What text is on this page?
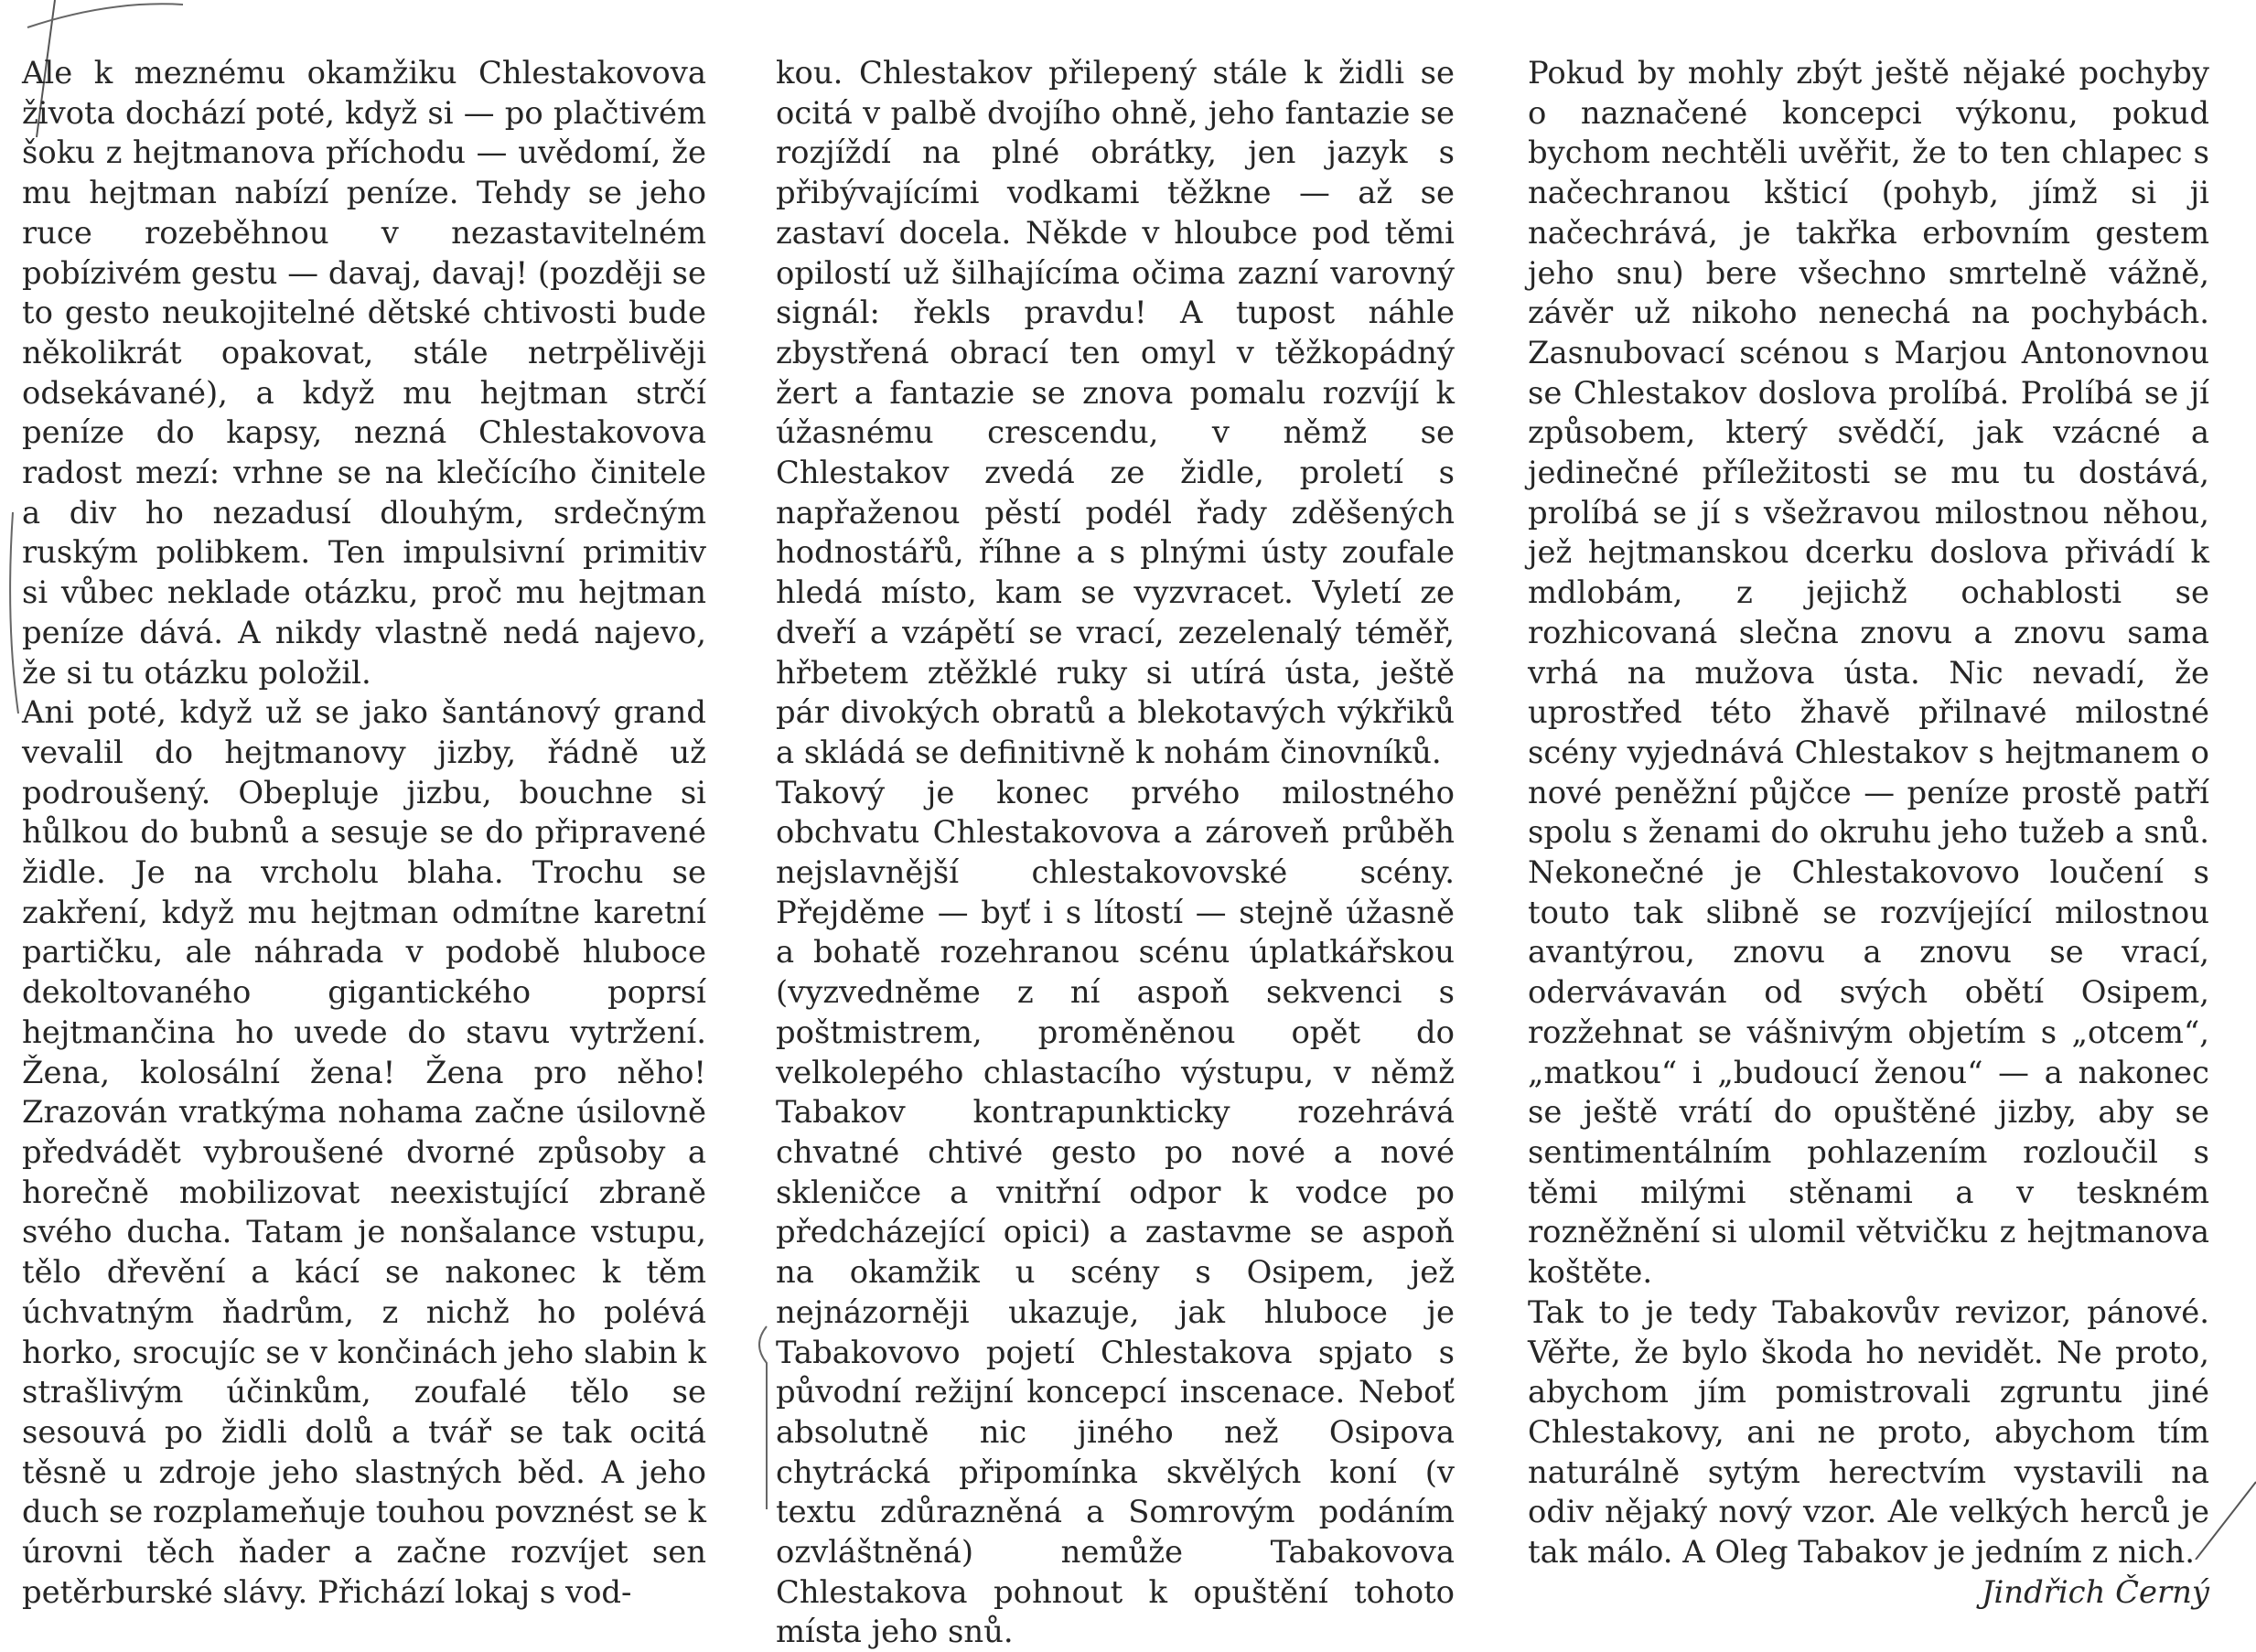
Ale k meznému okamžiku Chlestakovova života dochází poté, když si — po plačtivém šoku z hejtmanova příchodu — uvědomí, že mu hejtman nabízí peníze. Tehdy se jeho ruce rozeběhnou v nezastavitelném pobízivém gestu — davaj, davaj! (později se to gesto neukojitelné dětské chtivosti bude několikrát opakovat, stále netrpělivěji odsekávané), a když mu hejtman strčí peníze do kapsy, nezná Chlestakovova radost mezí: vrhne se na klečícího činitele a div ho nezadusí dlouhým, srdečným ruským polibkem. Ten impulsivní primitiv si vůbec neklade otázku, proč mu hejtman peníze dává. A nikdy vlastně nedá najevo, že si tu otázku položil.

Ani poté, když už se jako šantánový grand vevalil do hejtmanovy jizby, řádně už podroušený. Obepluje jizbu, bouchne si hůlkou do bubnů a sesuje se do připravené židle. Je na vrcholu blaha. Trochu se zakření, když mu hejtman odmítne karetní partičku, ale náhrada v podobě hluboce dekoltovaného gigantického poprsí hejtmančina ho uvede do stavu vytržení. Žena, kolosální žena! Žena pro něho! Zrazován vratkýma nohama začne úsilovně předvádět vybroušené dvorné způsoby a horečně mobilizovat neexistující zbraně svého ducha. Tatam je nonšalance vstupu, tělo dřevění a kácí se nakonec k těm úchvatným ňadrům, z nichž ho polévá horko, srocujíc se v končinách jeho slabin k strašlivým účinkům, zoufalé tělo se sesouvá po židli dolů a tvář se tak ocitá těsně u zdroje jeho slastných běd. A jeho duch se rozplameňuje touhou povznést se k úrovni těch ňader a začne rozvíjet sen petěrburské slávy. Přichází lokaj s vod-

kou. Chlestakov přilepený stále k židli se ocitá v palbě dvojího ohně, jeho fantazie se rozjíždí na plné obrátky, jen jazyk s přibývajícími vodkami těžkne — až se zastaví docela. Někde v hloubce pod těmi opilostí už šilhajícíma očima zazní varovný signál: řekls pravdu! A tupost náhle zbystřená obrací ten omyl v těžkopádný žert a fantazie se znova pomalu rozvíjí k úžasnému crescendu, v němž se Chlestakov zvedá ze židle, proletí s napřaženou pěstí podél řady zděšených hodnostářů, říhne a s plnými ústy zoufale hledá místo, kam se vyzvracet. Vyletí ze dveří a vzápětí se vrací, zezelenalý téměř, hřbetem ztěžklé ruky si utírá ústa, ještě pár divokých obratů a blekotavých výkřiků a skládá se definitivně k nohám činovníků.

Takový je konec prvého milostného obchvatu Chlestakovova a zároveň průběh nejslavnější chlestakovovské scény. Přejděme — byť i s lítostí — stejně úžasně a bohatě rozehranou scénu úplatkářskou (vyzvedněme z ní aspoň sekvenci s poštmistrem, proměněnou opět do velkolepého chlastacího výstupu, v němž Tabakov kontrapunkticky rozehrává chvatné chtivé gesto po nové a nové skleničce a vnitřní odpor k vodce po předcházející opici) a zastavme se aspoň na okamžik u scény s Osipem, jež nejnázorněji ukazuje, jak hluboce je Tabakovovo pojetí Chlestakova spjato s původní režijní koncepcí inscenace. Neboť absolutně nic jiného než Osipova chytrácká připomínka skvělých koní (v textu zdůrazněná a Somrovým podáním ozvláštněná) nemůže Tabakovova Chlestakova pohnout k opuštění tohoto místa jeho snů.

Pokud by mohly zbýt ještě nějaké pochyby o naznačené koncepci výkonu, pokud bychom nechtěli uvěřit, že to ten chlapec s načechranou kšticí (pohyb, jímž si ji načechrává, je takřka erbovním gestem jeho snu) bere všechno smrtelně vážně, závěr už nikoho nenechá na pochybách. Zasnubovací scénou s Marjou Antonovnou se Chlestakov doslova prolíbá. Prolíbá se jí způsobem, který svědčí, jak vzácné a jedinečné příležitosti se mu tu dostává, prolíbá se jí s všežravou milostnou něhou, jež hejtmanskou dcerku doslova přivádí k mdlobám, z jejichž ochablosti se rozhicovaná slečna znovu a znovu sama vrhá na mužova ústa. Nic nevadí, že uprostřed této žhavě přilnavé milostné scény vyjednává Chlestakov s hejtmanem o nové peněžní půjčce — peníze prostě patří spolu s ženami do okruhu jeho tužeb a snů. Nekonečné je Chlestakovovo loučení s touto tak slibně se rozvíjející milostnou avantýrou, znovu a znovu se vrací, odervávaván od svých obětí Osipem, rozžehnat se vášnivým objetím s „otcem“, „matkou“ i „budoucí ženou“ — a nakonec se ještě vrátí do opuštěné jizby, aby se sentimentálním pohlazením rozloučil s těmi milými stěnami a v teskném rozněžnění si ulomil větvičku z hejtmanova koštěte.

Tak to je tedy Tabakovův revizor, pánové. Věřte, že bylo škoda ho nevidět. Ne proto, abychom jím pomistrovali zgruntu jiné Chlestakovy, ani ne proto, abychom tím naturálně sytým herectvím vystavili na odiv nějaký nový vzor. Ale velkých herců je tak málo. A Oleg Tabakov je jedním z nich.

Jindřich Černý
